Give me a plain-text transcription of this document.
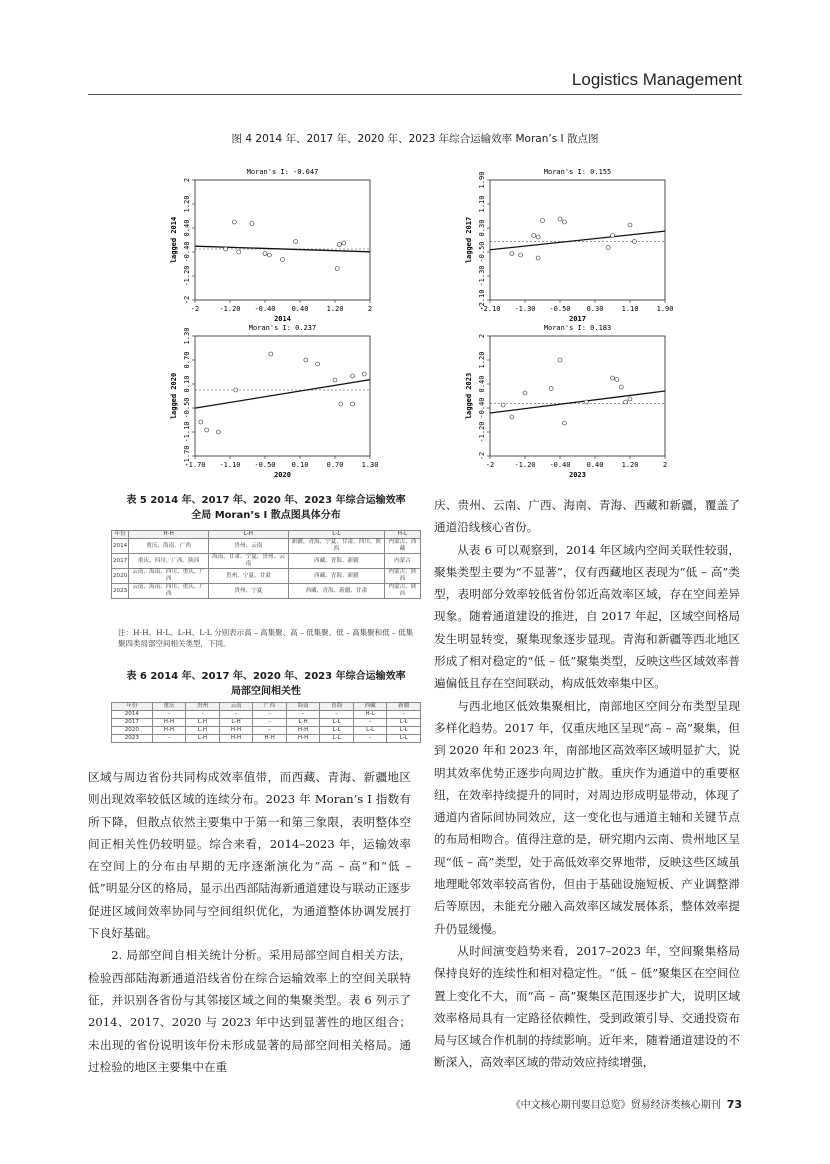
Logistics Management
图 4 2014 年、2017 年、2020 年、2023 年综合运输效率 Moran’s I 散点图
Moran's I: -0.047
-2	-1.20 -0.40 0.40	1.20	2
2
1.20
0.40
-0.40
-1.20
-2
2014
lagged 2014
Moran's I: 0.155
-2.10 -1.30 -0.50 0.30	1.10	1.90
1.90
1.10
0.30
-0.50
-1.30
-2.10
2017
lagged 2017
Moran's I: 0.237
-1.70 -1.10 -0.50 0.10	0.70	1.30
1.30
0.70
0.10
-0.50
-1.10
-1.70
2020
lagged 2020
Moran's I: 0.183
-2	-1.20 -0.40 0.40	1.20	2
2
1.20
0.40
-0.40
-1.20
-2
2023
lagged 2023
表 5 2014 年、2017 年、2020 年、2023 年综合运输效率
全局 Moran’s I 散点图具体分布
年份	H-H	L-H	L-L	H-L
2014	重庆、海南、广西	贵州、云南	新疆、青海、宁夏、甘肃、四川、陕西	内蒙古、西藏
2017	重庆、四川、广西、陕西	海南、甘肃、宁夏、贵州、云南	西藏、青海、新疆	内蒙古
2020	云南、海南、四川、重庆、广西	贵州、宁夏、甘肃	西藏、青海、新疆	内蒙古、陕西
2023	云南、海南、四川、重庆、广西	贵州、宁夏	西藏、青海、新疆、甘肃	内蒙古、陕西
注：H-H、H-L、L-H、L-L 分别表示高 – 高集聚、高 – 低集聚、低 – 高集聚和低 – 低集聚四类局部空间相关类型，下同。
表 6 2014 年、2017 年、2020 年、2023 年综合运输效率
局部空间相关性
年份	重庆	贵州	云南	广西	海南	青海	西藏	新疆
2014	–	–	–	–	–	–	H-L	–
2017	H-H	L-H	L-H	–	L-H	L-L	–	L-L
2020	H-H	L-H	H-H	–	H-H	L-L	L-L	L-L
2023	–	L-H	H-H	H-H	H-H	L-L	–	L-L

区域与周边省份共同构成效率值带，而西藏、青海、新疆地区则出现效率较低区域的连续分布。2023 年 Moran’s I 指数有所下降，但散点依然主要集中于第一和第三象限，表明整体空间正相关性仍较明显。综合来看，2014–2023 年，运输效率在空间上的分布由早期的无序逐渐演化为“高 – 高”和“低 – 低”明显分区的格局，显示出西部陆海新通道建设与联动正逐步促进区域间效率协同与空间组织优化，为通道整体协调发展打下良好基础。

2. 局部空间自相关统计分析。采用局部空间自相关方法，检验西部陆海新通道沿线省份在综合运输效率上的空间关联特征，并识别各省份与其邻接区域之间的集聚类型。表 6 列示了 2014、2017、2020 与 2023 年中达到显著性的地区组合；未出现的省份说明该年份未形成显著的局部空间相关格局。通过检验的地区主要集中在重

庆、贵州、云南、广西、海南、青海、西藏和新疆，覆盖了通道沿线核心省份。

从表 6 可以观察到，2014 年区域内空间关联性较弱，聚集类型主要为“不显著”，仅有西藏地区表现为“低 – 高”类型，表明部分效率较低省份邻近高效率区域，存在空间差异现象。随着通道建设的推进，自 2017 年起，区域空间格局发生明显转变，聚集现象逐步显现。青海和新疆等西北地区形成了相对稳定的“低 – 低”聚集类型，反映这些区域效率普遍偏低且存在空间联动，构成低效率集中区。

与西北地区低效集聚相比，南部地区空间分布类型呈现多样化趋势。2017 年，仅重庆地区呈现“高 – 高”聚集，但到 2020 年和 2023 年，南部地区高效率区域明显扩大，说明其效率优势正逐步向周边扩散。重庆作为通道中的重要枢纽，在效率持续提升的同时，对周边形成明显带动，体现了通道内省际间协同效应，这一变化也与通道主轴和关键节点的布局相吻合。值得注意的是，研究期内云南、贵州地区呈现“低 – 高”类型，处于高低效率交界地带，反映这些区域虽地理毗邻效率较高省份，但由于基础设施短板、产业调整滞后等原因，未能充分融入高效率区域发展体系，整体效率提升仍显缓慢。

从时间演变趋势来看，2017–2023 年，空间聚集格局保持良好的连续性和相对稳定性。“低 – 低”聚集区在空间位置上变化不大，而“高 – 高”聚集区范围逐步扩大，说明区域效率格局具有一定路径依赖性，受到政策引导、交通投资布局与区域合作机制的持续影响。近年来，随着通道建设的不断深入，高效率区域的带动效应持续增强，

《中文核心期刊要目总览》贸易经济类核心期刊 73
